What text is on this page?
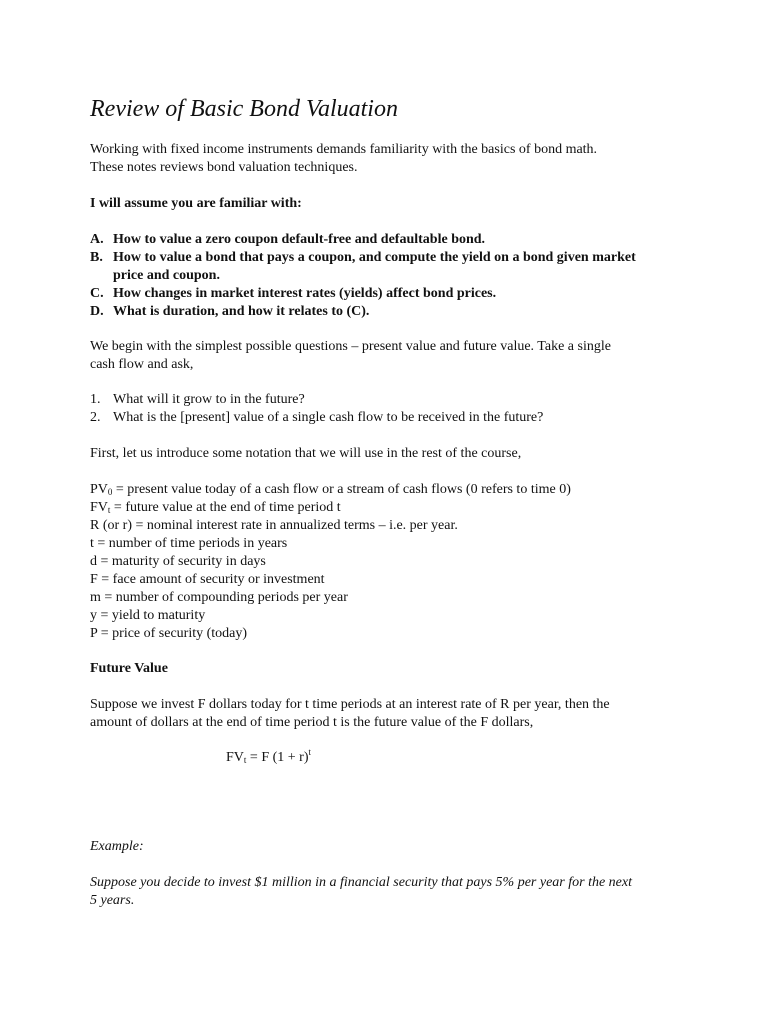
Review of Basic Bond Valuation
Working with fixed income instruments demands familiarity with the basics of bond math.
These notes reviews bond valuation techniques.
I will assume you are familiar with:
A. How to value a zero coupon default-free and defaultable bond.
B. How to value a bond that pays a coupon, and compute the yield on a bond given market
price and coupon.
C. How changes in market interest rates (yields) affect bond prices.
D. What is duration, and how it relates to (C).
We begin with the simplest possible questions – present value and future value. Take a single
cash flow and ask,
1. What will it grow to in the future?
2. What is the [present] value of a single cash flow to be received in the future?
First, let us introduce some notation that we will use in the rest of the course,
$PV_0$ = present value today of a cash flow or a stream of cash flows (0 refers to time 0)
$FV_t$ = future value at the end of time period t
R (or r) = nominal interest rate in annualized terms – i.e. per year.
t = number of time periods in years
d = maturity of security in days
F = face amount of security or investment
m = number of compounding periods per year
y = yield to maturity
P = price of security (today)
Future Value
Suppose we invest F dollars today for t time periods at an interest rate of R per year, then the
amount of dollars at the end of time period t is the future value of the F dollars,
$FV_t = F$ $(1 + r)^t$
Example:
Suppose you decide to invest $1 million in a financial security that pays 5% per year for the next
5 years.
